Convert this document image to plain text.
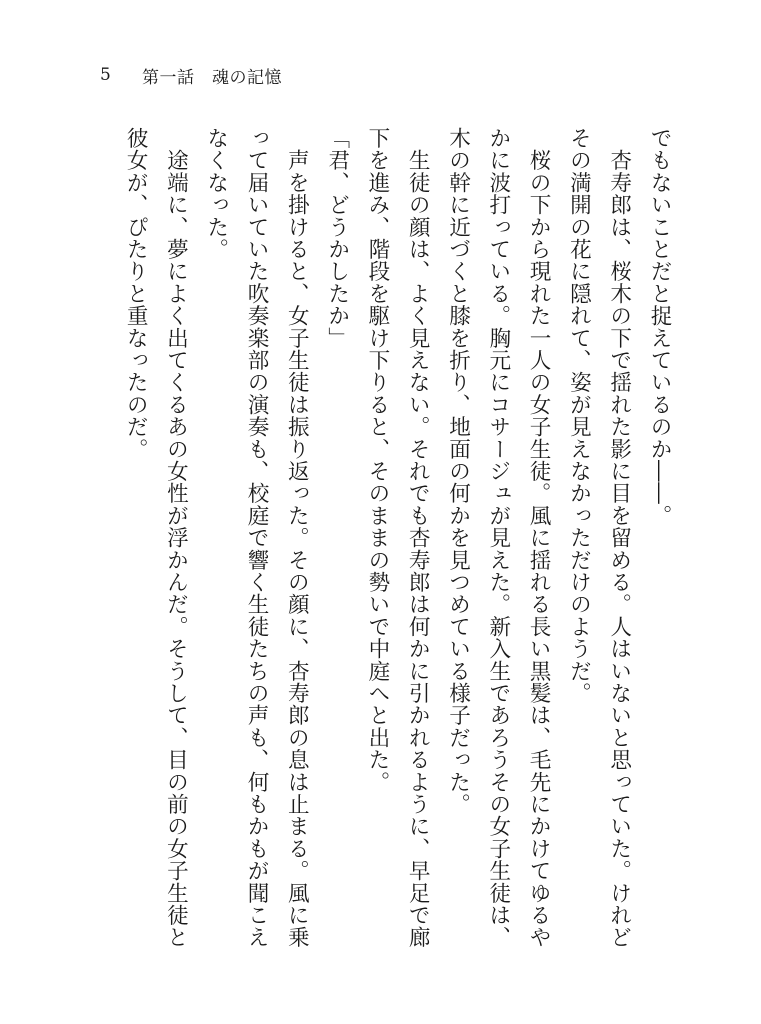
5	第一話　魂の記憶
でもないことだと捉えているのか――。
　杏寿郎は、桜木の下で揺れた影に目を留める。人はいないと思っていた。けれど
その満開の花に隠れて、姿が見えなかっただけのようだ。
　桜の下から現れた一人の女子生徒。風に揺れる長い黒髪は、毛先にかけてゆるや
かに波打っている。胸元にコサージュが見えた。新入生であろうその女子生徒は、
木の幹に近づくと膝を折り、地面の何かを見つめている様子だった。
　生徒の顔は、よく見えない。それでも杏寿郎は何かに引かれるように、早足で廊
下を進み、階段を駆け下りると、そのままの勢いで中庭へと出た。
「君、どうかしたか」
　声を掛けると、女子生徒は振り返った。その顔に、杏寿郎の息は止まる。風に乗
って届いていた吹奏楽部の演奏も、校庭で響く生徒たちの声も、何もかもが聞こえ
なくなった。
　途端に、夢によく出てくるあの女性が浮かんだ。そうして、目の前の女子生徒と
彼女が、ぴたりと重なったのだ。
